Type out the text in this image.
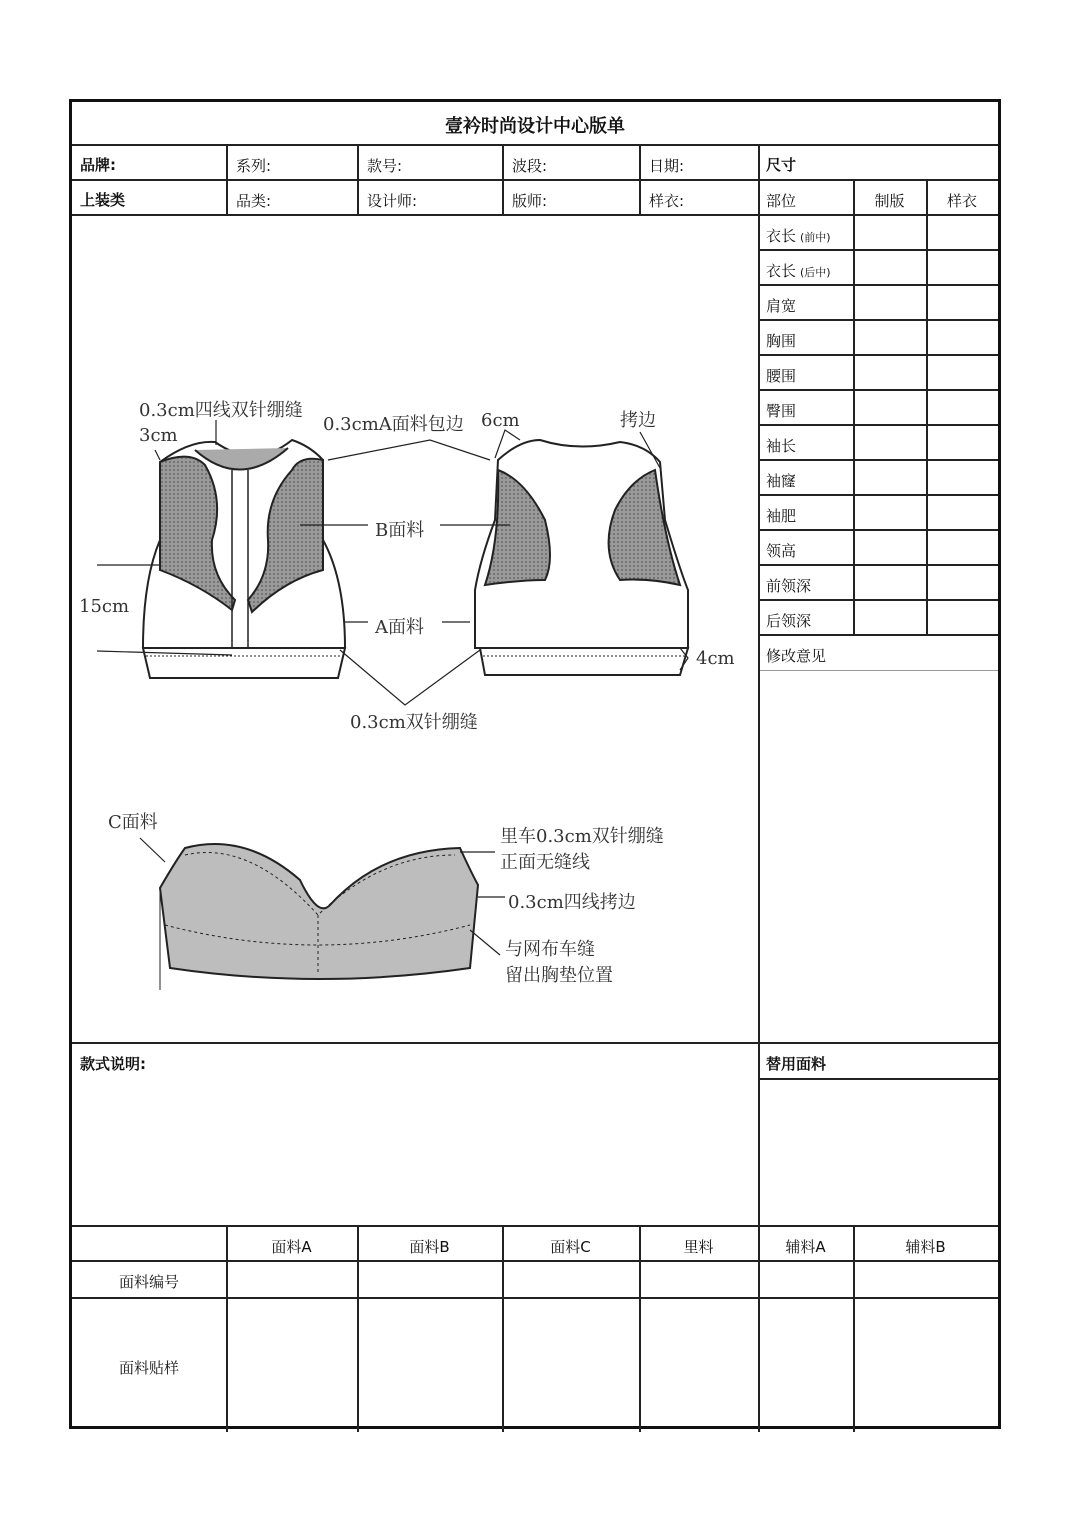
壹衿时尚设计中心版单
品牌:	系列:	款号:	波段:	日期:	尺寸
上装类	品类:	设计师:	版师:	样衣:	部位	制版	样衣
衣长 (前中)
衣长 (后中)
肩宽
胸围
腰围
臀围
袖长
袖窿
袖肥
领高
前领深
后领深
修改意见
款式说明:	替用面料
面料A	面料B	面料C	里料	辅料A	辅料B
面料编号
面料贴样
0.3cm四线双针绷缝
3cm
0.3cmA面料包边 6cm	拷边
B面料
15cm
A面料
4cm
0.3cm双针绷缝
C面料
里车0.3cm双针绷缝
正面无缝线
0.3cm四线拷边
与网布车缝
留出胸垫位置
